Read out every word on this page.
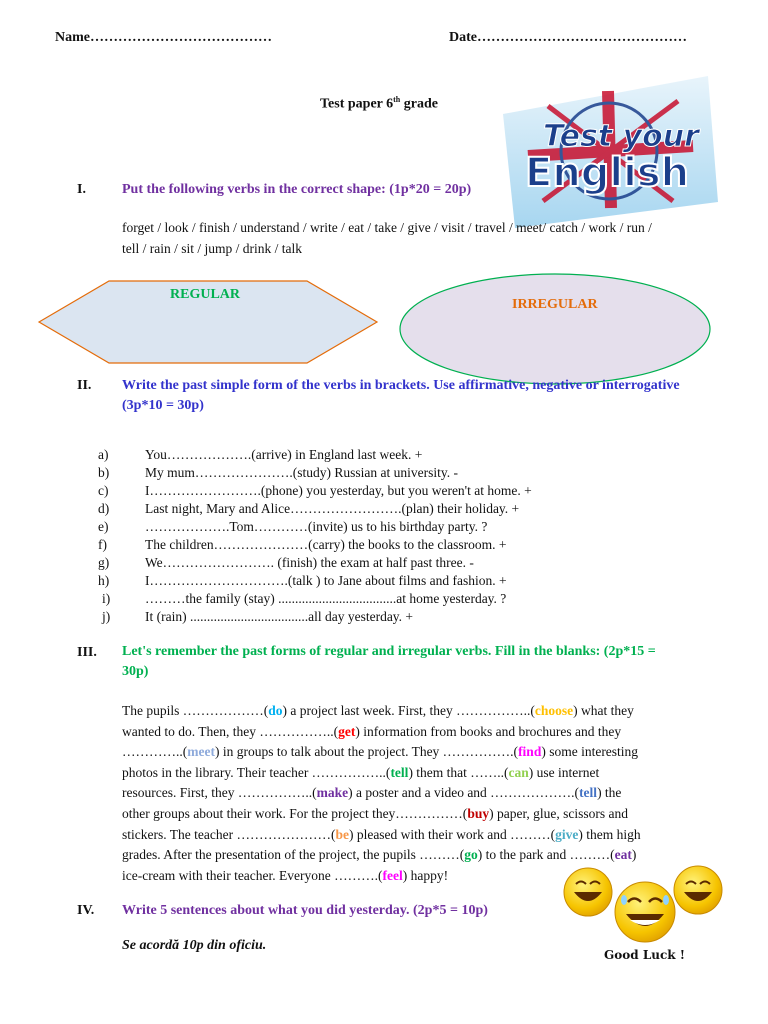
Name…………………………………	Date………………………………………
Test paper 6th grade
Test your
English
I.	Put the following verbs in the correct shape: (1p*20 = 20p)
forget / look / finish / understand / write / eat / take / give / visit / travel / meet/ catch / work / run /
tell / rain / sit / jump / drink / talk
REGULAR
IRREGULAR
II. Write the past simple form of the verbs in brackets. Use affirmative, negative or interrogative
(3p*10 = 30p)
a)	You……………….(arrive) in England last week. +
b)	My mum………………….(study) Russian at university. -
c)	I…………………….(phone) you yesterday, but you weren't at home. +
d)	Last night, Mary and Alice…………………….(plan) their holiday. +
e)	……………….Tom…………(invite) us to his birthday party. ?
f)	The children…………………(carry) the books to the classroom. +
g)	We……………………. (finish) the exam at half past three. -
h)	I………………………….(talk ) to Jane about films and fashion. +
i)	………the family (stay) ...................................at home yesterday. ?
j)	It (rain) ...................................all day yesterday. +
III. Let's remember the past forms of regular and irregular verbs. Fill in the blanks: (2p*15 =
30p)
The pupils ………………(do) a project last week. First, they ……………..(choose) what they
wanted to do. Then, they ……………..(get) information from books and brochures and they
…………..(meet) in groups to talk about the project. They …………….(find) some interesting
photos in the library. Their teacher ……………..(tell) them that ……..(can) use internet
resources. First, they ……………..(make) a poster and a video and ……………….(tell) the
other groups about their work. For the project they……………(buy) paper, glue, scissors and
stickers. The teacher …………………(be) pleased with their work and ………(give) them high
grades. After the presentation of the project, the pupils ………(go) to the park and ………(eat)
ice-cream with their teacher. Everyone ……….(feel) happy!
IV. Write 5 sentences about what you did yesterday. (2p*5 = 10p)
Se acordă 10p din oficiu.
Good Luck !
